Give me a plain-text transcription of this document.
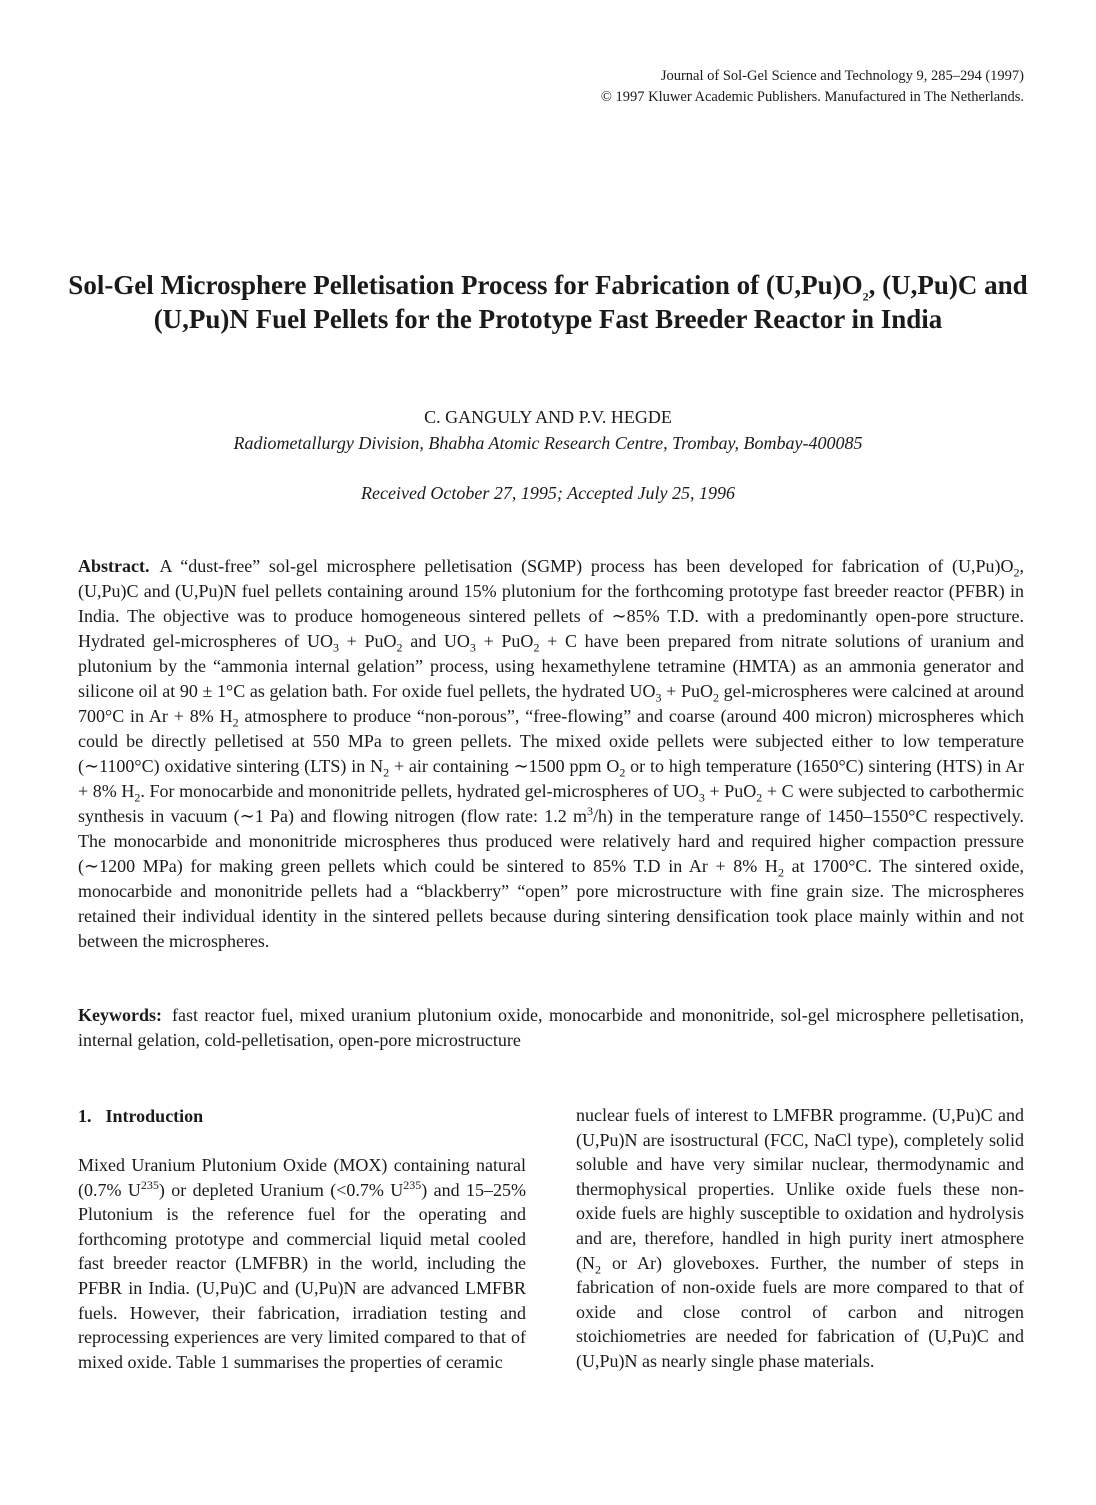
Journal of Sol-Gel Science and Technology 9, 285–294 (1997)
© 1997 Kluwer Academic Publishers. Manufactured in The Netherlands.
Sol-Gel Microsphere Pelletisation Process for Fabrication of $(U,Pu)O_2$, (U,Pu)C and (U,Pu)N Fuel Pellets for the Prototype Fast Breeder Reactor in India
C. GANGULY AND P.V. HEGDE
Radiometallurgy Division, Bhabha Atomic Research Centre, Trombay, Bombay-400085
Received October 27, 1995; Accepted July 25, 1996

Abstract. A “dust-free” sol-gel microsphere pelletisation (SGMP) process has been developed for fabrication of $(U,Pu)O_2$, (U,Pu)C and (U,Pu)N fuel pellets containing around 15% plutonium for the forthcoming prototype fast breeder reactor (PFBR) in India. The objective was to produce homogeneous sintered pellets of ∼85% T.D. with a predominantly open-pore structure. Hydrated gel-microspheres of $UO_3 + PuO_2$ and $UO_3 + PuO_2 + C$ have been prepared from nitrate solutions of uranium and plutonium by the “ammonia internal gelation” process, using hexamethylene tetramine (HMTA) as an ammonia generator and silicone oil at 90 ± 1°C as gelation bath. For oxide fuel pellets, the hydrated $UO_3 + PuO_2$ gel-microspheres were calcined at around 700°C in Ar + 8% $H_2$ atmosphere to produce “non-porous”, “free-flowing” and coarse (around 400 micron) microspheres which could be directly pelletised at 550 MPa to green pellets. The mixed oxide pellets were subjected either to low temperature (∼1100°C) oxidative sintering (LTS) in $N_2$ + air containing ∼1500 ppm $O_2$ or to high temperature (1650°C) sintering (HTS) in Ar + 8% $H_2$. For monocarbide and mononitride pellets, hydrated gel-microspheres of $UO_3 + PuO_2 + C$ were subjected to carbothermic synthesis in vacuum (∼1 Pa) and flowing nitrogen (flow rate: 1.2 $m^3/h$) in the temperature range of 1450–1550°C respectively. The monocarbide and mononitride microspheres thus produced were relatively hard and required higher compaction pressure (∼1200 MPa) for making green pellets which could be sintered to 85% T.D in Ar + 8% $H_2$ at 1700°C. The sintered oxide, monocarbide and mononitride pellets had a “blackberry” “open” pore microstructure with fine grain size. The microspheres retained their individual identity in the sintered pellets because during sintering densification took place mainly within and not between the microspheres.

Keywords: fast reactor fuel, mixed uranium plutonium oxide, monocarbide and mononitride, sol-gel microsphere pelletisation, internal gelation, cold-pelletisation, open-pore microstructure

1. Introduction

Mixed Uranium Plutonium Oxide (MOX) containing natural (0.7% $U^{235}$) or depleted Uranium (<0.7% $U^{235}$) and 15–25% Plutonium is the reference fuel for the operating and forthcoming prototype and commercial liquid metal cooled fast breeder reactor (LMFBR) in the world, including the PFBR in India. (U,Pu)C and (U,Pu)N are advanced LMFBR fuels. However, their fabrication, irradiation testing and reprocessing experiences are very limited compared to that of mixed oxide. Table 1 summarises the properties of ceramic

nuclear fuels of interest to LMFBR programme. (U,Pu)C and (U,Pu)N are isostructural (FCC, NaCl type), completely solid soluble and have very similar nuclear, thermodynamic and thermophysical properties. Unlike oxide fuels these non-oxide fuels are highly susceptible to oxidation and hydrolysis and are, therefore, handled in high purity inert atmosphere ($N_2$ or Ar) gloveboxes. Further, the number of steps in fabrication of non-oxide fuels are more compared to that of oxide and close control of carbon and nitrogen stoichiometries are needed for fabrication of (U,Pu)C and (U,Pu)N as nearly single phase materials.
